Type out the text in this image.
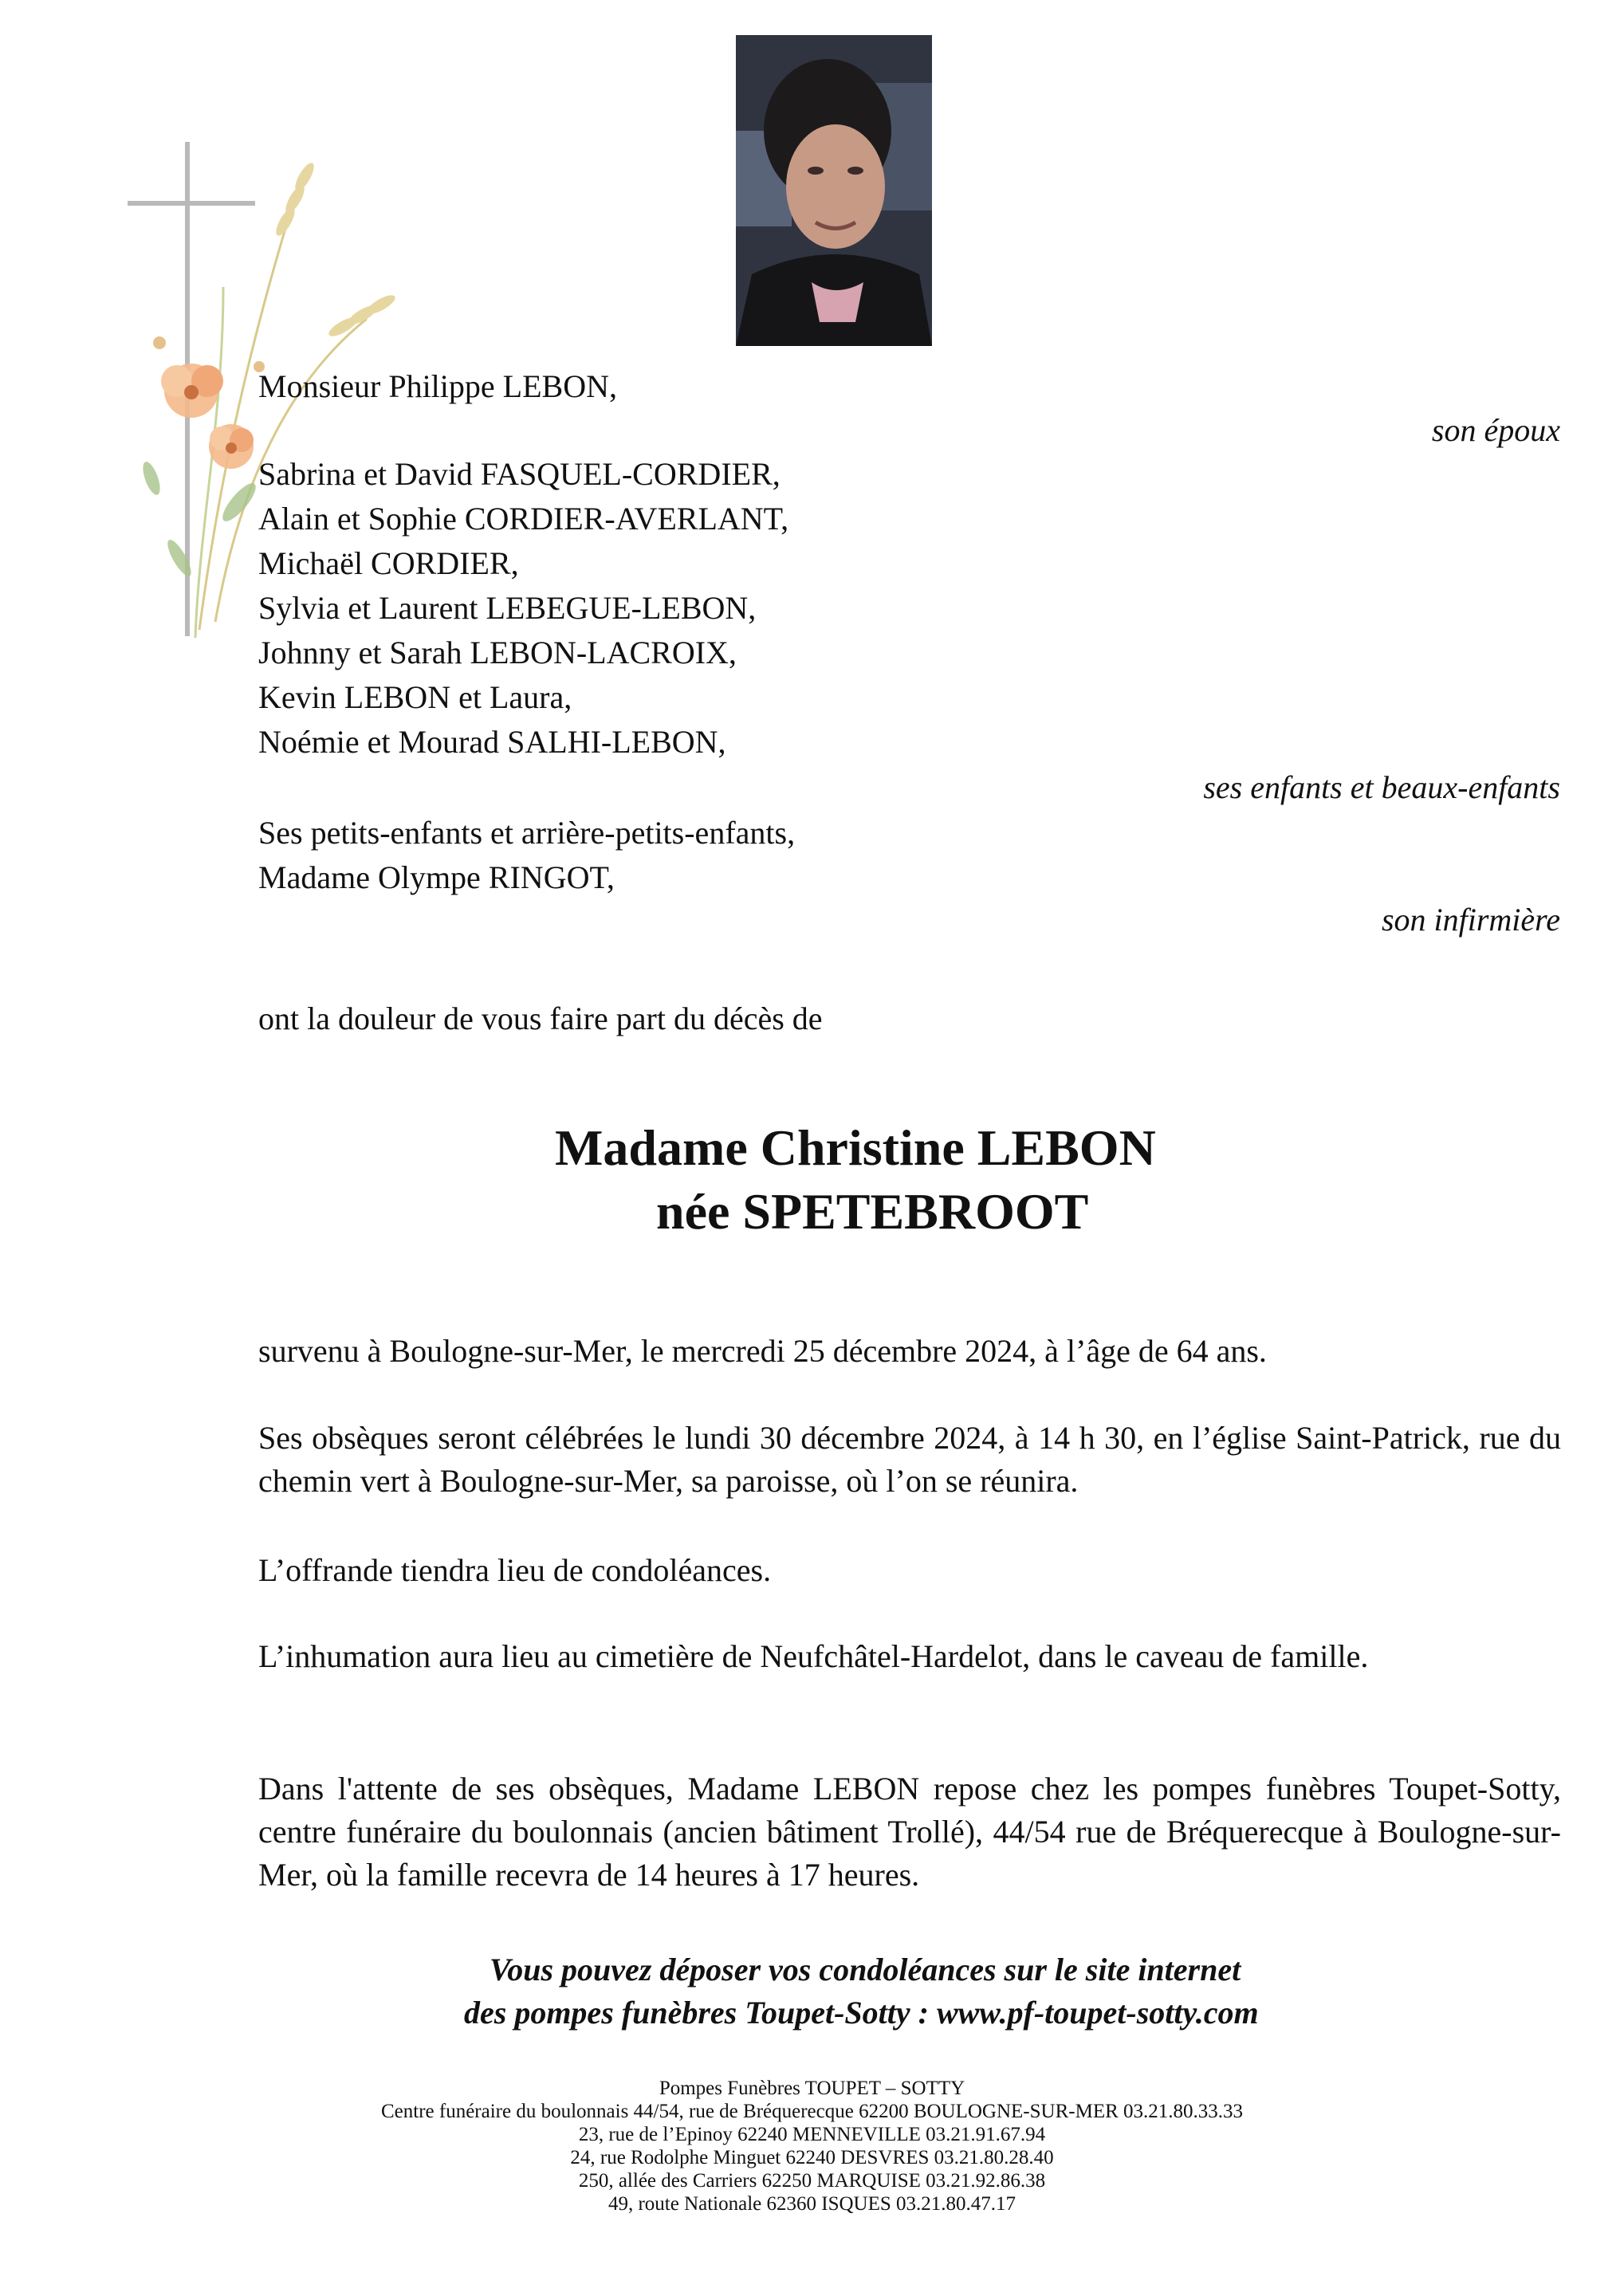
Monsieur Philippe LEBON,
son époux
Sabrina et David FASQUEL-CORDIER,
Alain et Sophie CORDIER-AVERLANT,
Michaël CORDIER,
Sylvia et Laurent LEBEGUE-LEBON,
Johnny et Sarah LEBON-LACROIX,
Kevin LEBON et Laura,
Noémie et Mourad SALHI-LEBON,
ses enfants et beaux-enfants
Ses petits-enfants et arrière-petits-enfants,
Madame Olympe RINGOT,
son infirmière
ont la douleur de vous faire part du décès de
Madame Christine LEBON
née SPETEBROOT
survenu à Boulogne-sur-Mer, le mercredi 25 décembre 2024, à l’âge de 64 ans.
Ses obsèques seront célébrées le lundi 30 décembre 2024, à 14 h 30, en l’église Saint-Patrick, rue du chemin vert à Boulogne-sur-Mer, sa paroisse, où l’on se réunira.
L’offrande tiendra lieu de condoléances.
L’inhumation aura lieu au cimetière de Neufchâtel-Hardelot, dans le caveau de famille.
Dans l'attente de ses obsèques, Madame LEBON repose chez les pompes funèbres Toupet-Sotty, centre funéraire du boulonnais (ancien bâtiment Trollé), 44/54 rue de Bréquerecque à Boulogne-sur-Mer, où la famille recevra de 14 heures à 17 heures.
Vous pouvez déposer vos condoléances sur le site internet
des pompes funèbres Toupet-Sotty : www.pf-toupet-sotty.com
Pompes Funèbres TOUPET – SOTTY
Centre funéraire du boulonnais 44/54, rue de Bréquerecque 62200 BOULOGNE-SUR-MER 03.21.80.33.33
23, rue de l’Epinoy 62240 MENNEVILLE 03.21.91.67.94
24, rue Rodolphe Minguet 62240 DESVRES 03.21.80.28.40
250, allée des Carriers 62250 MARQUISE 03.21.92.86.38
49, route Nationale 62360 ISQUES 03.21.80.47.17
